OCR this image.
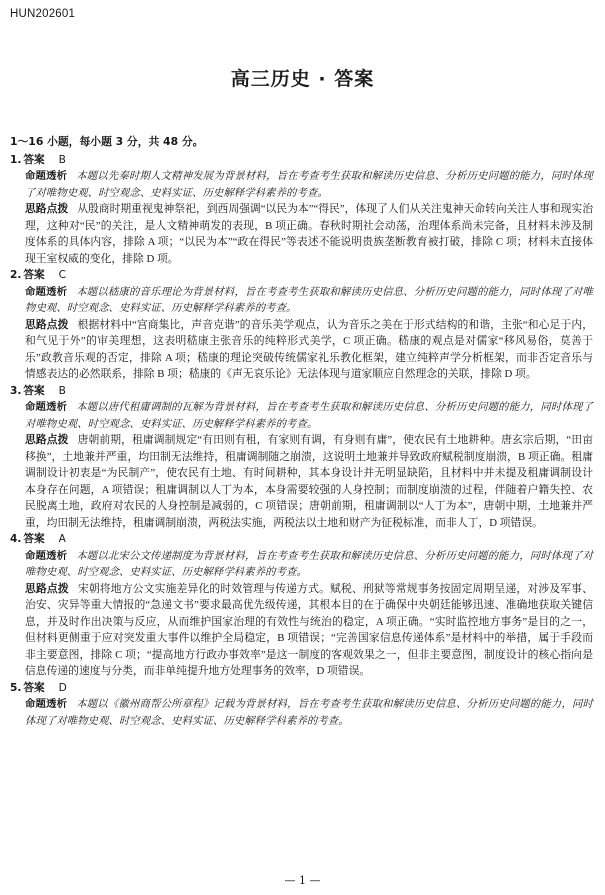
HUN202601
高三历史 · 答案
1～16 小题，每小题 3 分，共 48 分。
1. 答案 B
命题透析 本题以先秦时期人文精神发展为背景材料，旨在考查考生获取和解读历史信息、分析历史问题的能力，同时体现了对唯物史观、时空观念、史料实证、历史解释学科素养的考查。
思路点拨 从殷商时期重视鬼神祭祀，到西周强调“以民为本”“得民”，体现了人们从关注鬼神天命转向关注人事和现实治理，这种对“民”的关注，是人文精神萌发的表现，B 项正确。春秋时期社会动荡，治理体系尚未完备，且材料未涉及制度体系的具体内容，排除 A 项；“以民为本”“政在得民”等表述不能说明贵族垄断教育被打破，排除 C 项；材料未直接体现王室权威的变化，排除 D 项。
2. 答案 C
命题透析 本题以嵇康的音乐理论为背景材料，旨在考查考生获取和解读历史信息、分析历史问题的能力，同时体现了对唯物史观、时空观念、史料实证、历史解释学科素养的考查。
思路点拨 根据材料中“宫商集比，声音克谐”的音乐美学观点，认为音乐之美在于形式结构的和谐，主张“和心足于内，和气见于外”的审美理想，这表明嵇康主张音乐的纯粹形式美学，C 项正确。嵇康的观点是对儒家“移风易俗，莫善于乐”政教音乐观的否定，排除 A 项；嵇康的理论突破传统儒家礼乐教化框架，建立纯粹声学分析框架，而非否定音乐与情感表达的必然联系，排除 B 项；嵇康的《声无哀乐论》无法体现与道家顺应自然理念的关联，排除 D 项。
3. 答案 B
命题透析 本题以唐代租庸调制的瓦解为背景材料，旨在考查考生获取和解读历史信息、分析历史问题的能力，同时体现了对唯物史观、时空观念、史料实证、历史解释学科素养的考查。
思路点拨 唐朝前期，租庸调制规定“有田则有租，有家则有调，有身则有庸”，使农民有土地耕种。唐玄宗后期，“田亩移换”，土地兼并严重，均田制无法维持，租庸调制随之崩溃，这说明土地兼并导致政府赋税制度崩溃，B 项正确。租庸调制设计初衷是“为民制产”，使农民有土地、有时间耕种，其本身设计并无明显缺陷，且材料中并未提及租庸调制设计本身存在问题，A 项错误；租庸调制以人丁为本，本身需要较强的人身控制；而制度崩溃的过程，伴随着户籍失控、农民脱离土地，政府对农民的人身控制是减弱的，C 项错误；唐朝前期，租庸调制以“人丁为本”，唐朝中期，土地兼并严重，均田制无法维持，租庸调制崩溃，两税法实施，两税法以土地和财产为征税标准，而非人丁，D 项错误。
4. 答案 A
命题透析 本题以北宋公文传递制度为背景材料，旨在考查考生获取和解读历史信息、分析历史问题的能力，同时体现了对唯物史观、时空观念、史料实证、历史解释学科素养的考查。
思路点拨 宋朝将地方公文实施差异化的时效管理与传递方式。赋税、刑狱等常规事务按固定周期呈递，对涉及军事、治安、灾异等重大情报的“急递文书”要求最高优先级传递，其根本目的在于确保中央朝廷能够迅速、准确地获取关键信息，并及时作出决策与反应，从而维护国家治理的有效性与统治的稳定，A 项正确。“实时监控地方事务”是目的之一，但材料更侧重于应对突发重大事件以维护全局稳定，B 项错误；“完善国家信息传递体系”是材料中的举措，属于手段而非主要意图，排除 C 项；“提高地方行政办事效率”是这一制度的客观效果之一，但非主要意图，制度设计的核心指向是信息传递的速度与分类，而非单纯提升地方处理事务的效率，D 项错误。
5. 答案 D
命题透析 本题以《徽州商帮公所章程》记载为背景材料，旨在考查考生获取和解读历史信息、分析历史问题的能力，同时体现了对唯物史观、时空观念、史料实证、历史解释学科素养的考查。
— 1 —
